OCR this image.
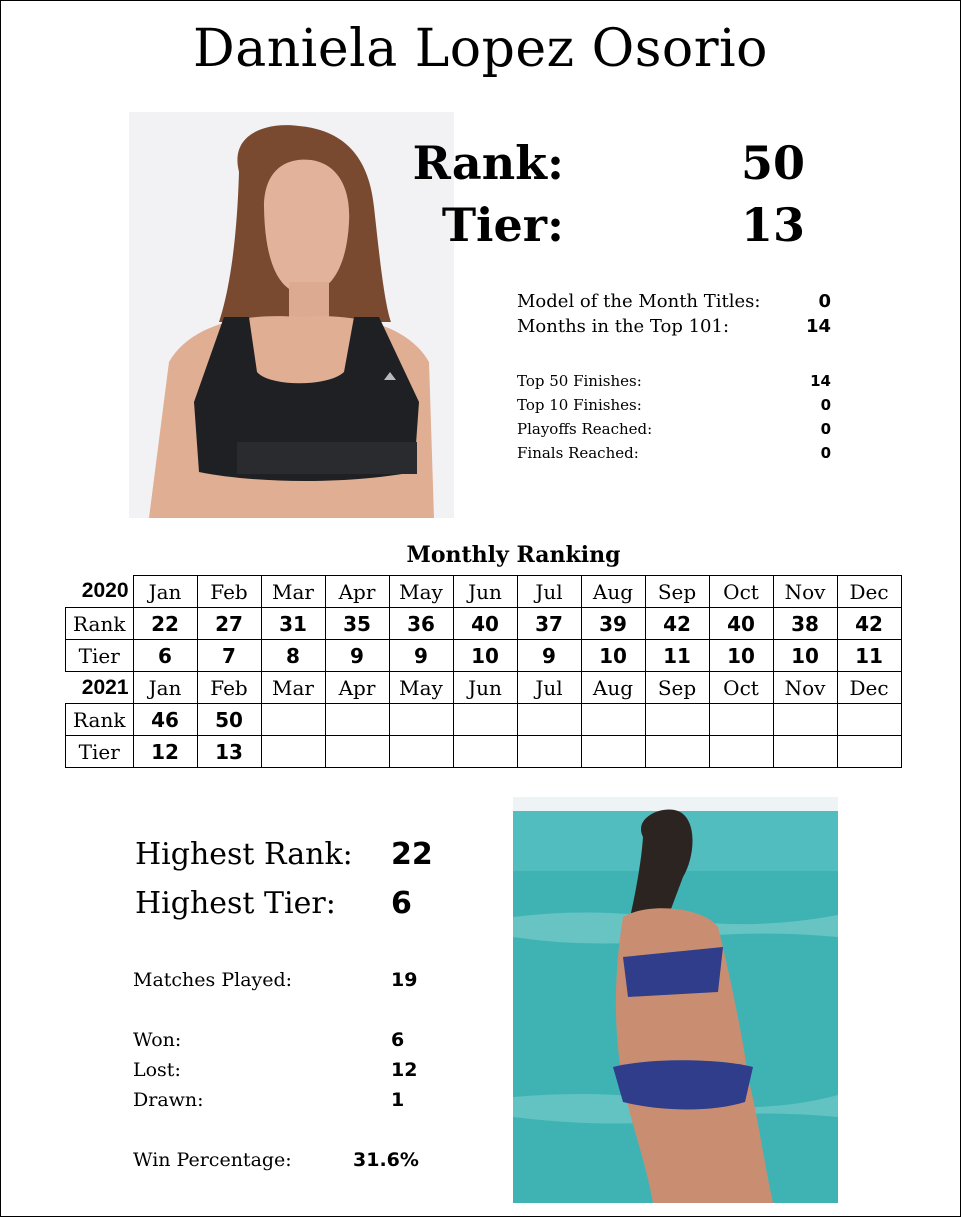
Daniela Lopez Osorio
Rank:	50
Tier:	13
Model of the Month Titles:	0
Months in the Top 101:	14
Top 50 Finishes:	14
Top 10 Finishes:	0
Playoffs Reached:	0
Finals Reached:	0
Monthly Ranking
2020	Jan	Feb	Mar	Apr	May	Jun	Jul	Aug	Sep	Oct	Nov	Dec
Rank	22	27	31	35	36	40	37	39	42	40	38	42
Tier	6	7	8	9	9	10	9	10	11	10	10	11
2021	Jan	Feb	Mar	Apr	May	Jun	Jul	Aug	Sep	Oct	Nov	Dec
Rank	46	50										
Tier	12	13										
Highest Rank: 22
Highest Tier: 6
Matches Played:	19
Won:	6
Lost:	12
Drawn:	1
Win Percentage:	31.6%
